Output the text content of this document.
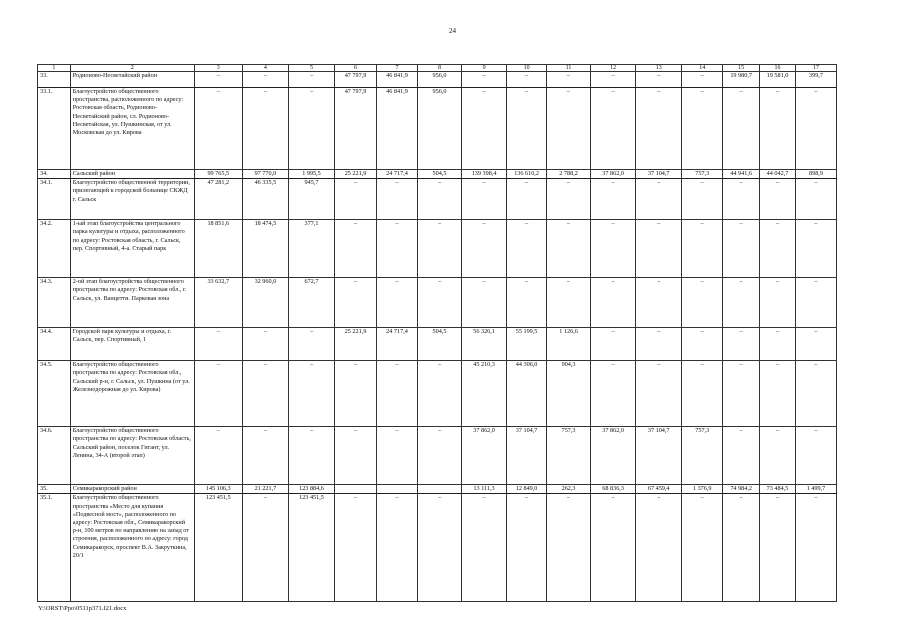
24
1	2	3	4	5	6	7	8	9	10	11	12	13	14	15	16	17
33.	Родионово-Несветайский район	–	–	–	47 797,9	46 841,9	956,0	–	–	–	–	–	–	19 980,7	19 581,0	399,7
33.1.	Благоустройство общественного пространства, расположенного по адресу: Ростовская область, Родионово-Несветайский район, сл. Родионово-Несветайская, ул. Пушкинская, от ул. Московская до ул. Кирова	–	–	–	47 797,9	46 841,9	956,0	–	–	–	–	–	–	–	–	–
34.	Сальский район	99 765,5	97 770,0	1 995,5	25 221,9	24 717,4	504,5	139 398,4	136 610,2	2 788,2	37 862,0	37 104,7	757,3	44 941,6	44 042,7	898,9
34.1.	Благоустройство общественной территории, прилегающей к городской больнице СКЖД г. Сальск	47 281,2	46 335,5	945,7	–	–	–	–	–	–	–	–	–	–	–	–
34.2.	1-ый этап благоустройства центрального парка культуры и отдыха, расположенного по адресу: Ростовская область, г. Сальск, пер. Спортивный, 4-а. Старый парк	18 851,6	18 474,5	377,1	–	–	–	–	–	–	–	–	–	–	–	–
34.3.	2-ой этап благоустройства общественного пространства по адресу: Ростовская обл., г. Сальск, ул. Ванцетти. Парковая зона	33 632,7	32 960,0	672,7	–	–	–	–	–	–	–	–	–	–	–	–
34.4.	Городской парк культуры и отдыха, г. Сальск, пер. Спортивный, 1	–	–	–	25 221,9	24 717,4	504,5	56 326,1	55 199,5	1 126,6	–	–	–	–	–	–
34.5.	Благоустройство общественного пространства по адресу: Ростовская обл., Сальский р-н, г. Сальск, ул. Пушкина (от ул. Железнодорожная до ул. Кирова)	–	–	–	–	–	–	45 210,3	44 306,0	904,3	–	–	–	–	–	–
34.6.	Благоустройство общественного пространства по адресу: Ростовская область, Сальский район, поселок Гигант, ул. Ленина, 34-А (второй этап)	–	–	–	–	–	–	37 862,0	37 104,7	757,3	37 862,0	37 104,7	757,3	–	–	–
35.	Семикаракорский район	145 106,3	21 221,7	123 884,6				13 111,3	12 849,0	262,3	68 836,3	67 459,4	1 376,9	74 984,2	73 484,5	1 499,7
35.1.	Благоустройство общественного пространства «Место для купания «Подвесной мост», расположенного по адресу: Ростовская обл., Семикаракорский р-н, 100 метров по направлению на запад от строения, расположенного по адресу: город Семикаракорск, проспект В.А. Закруткина, 20/1	123 451,5	–	123 451,5	–	–	–	–	–	–	–	–	–	–	–	–
Y:\ORST\Ppo\0511p371.f21.docx
